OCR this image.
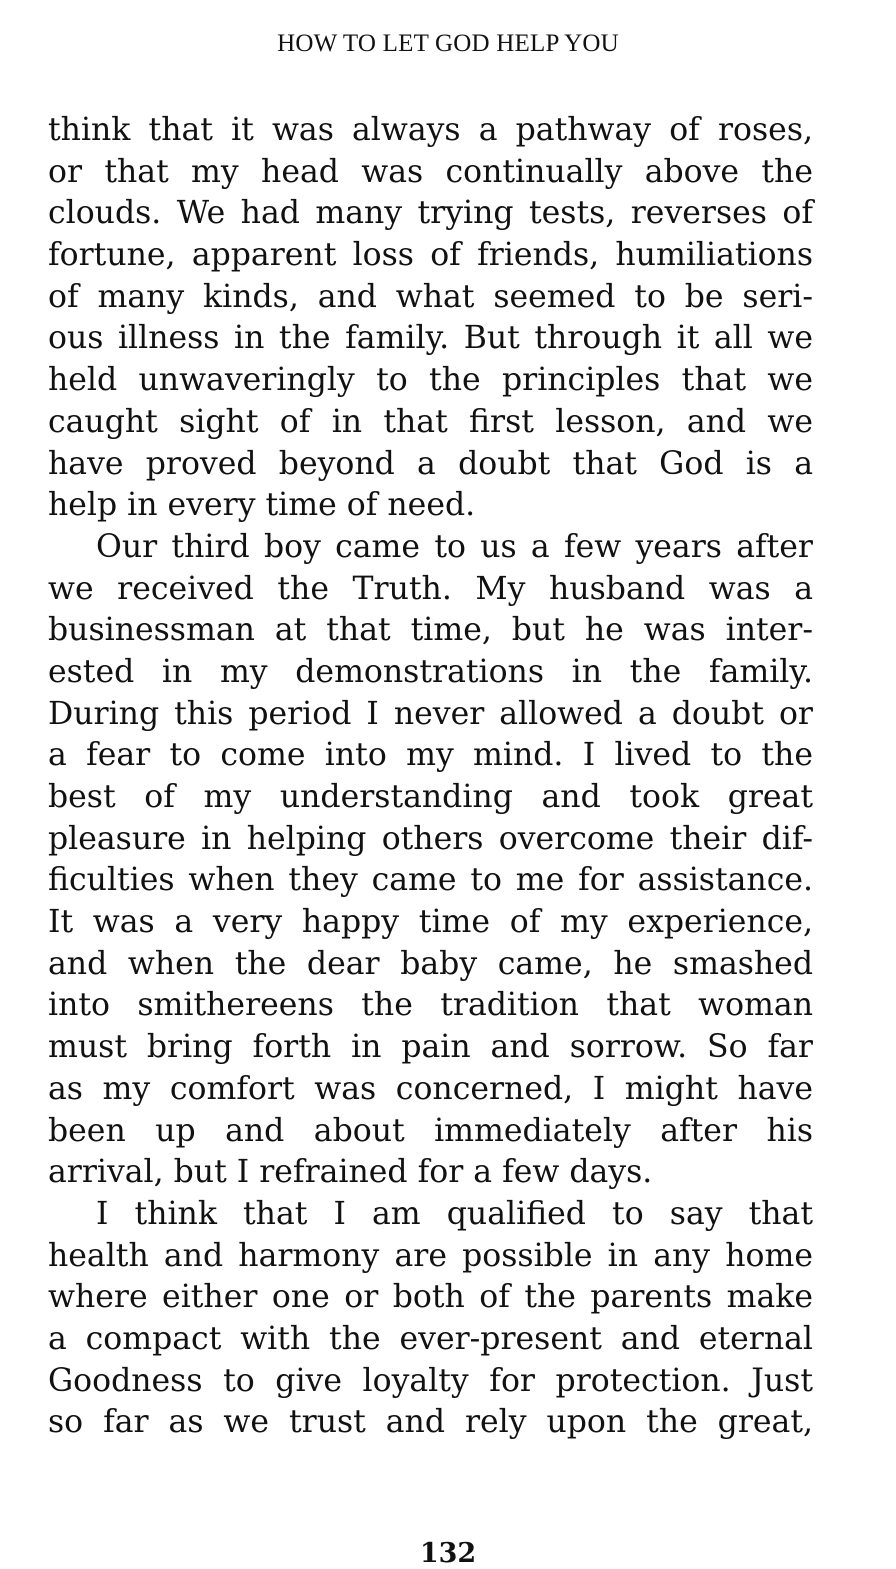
HOW TO LET GOD HELP YOU
think that it was always a pathway of roses,
or that my head was continually above the
clouds. We had many trying tests, reverses of
fortune, apparent loss of friends, humiliations
of many kinds, and what seemed to be seri-
ous illness in the family. But through it all we
held unwaveringly to the principles that we
caught sight of in that first lesson, and we
have proved beyond a doubt that God is a
help in every time of need.
Our third boy came to us a few years after
we received the Truth. My husband was a
businessman at that time, but he was inter-
ested in my demonstrations in the family.
During this period I never allowed a doubt or
a fear to come into my mind. I lived to the
best of my understanding and took great
pleasure in helping others overcome their dif-
ficulties when they came to me for assistance.
It was a very happy time of my experience,
and when the dear baby came, he smashed
into smithereens the tradition that woman
must bring forth in pain and sorrow. So far
as my comfort was concerned, I might have
been up and about immediately after his
arrival, but I refrained for a few days.
I think that I am qualified to say that
health and harmony are possible in any home
where either one or both of the parents make
a compact with the ever-present and eternal
Goodness to give loyalty for protection. Just
so far as we trust and rely upon the great,
132
